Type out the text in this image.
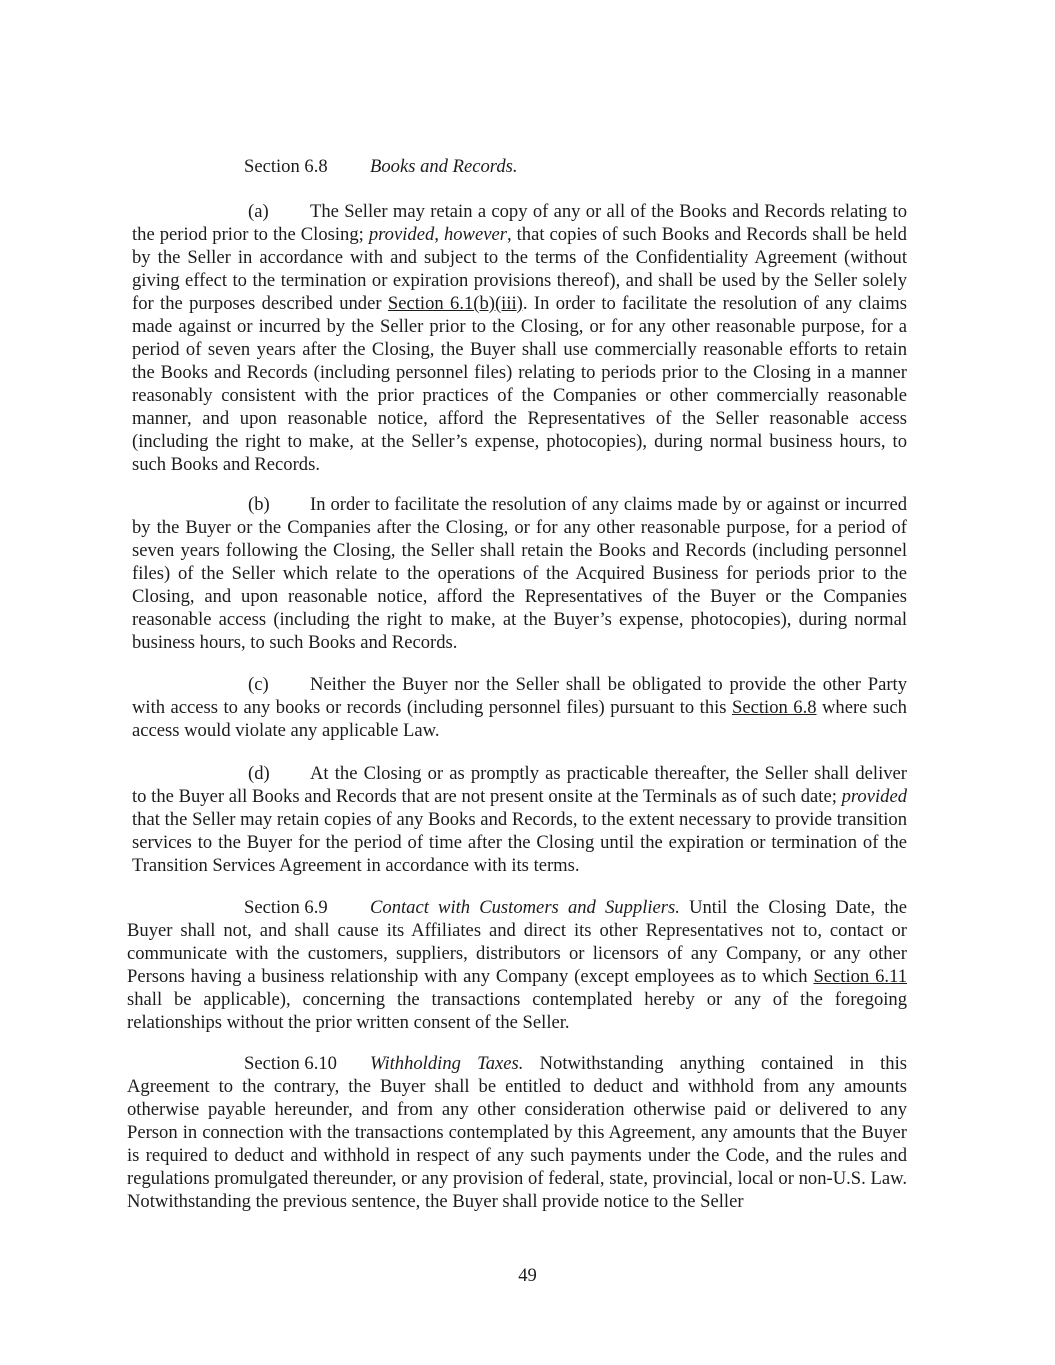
Section 6.8 Books and Records.

(a) The Seller may retain a copy of any or all of the Books and Records relating to the period prior to the Closing; provided, however, that copies of such Books and Records shall be held by the Seller in accordance with and subject to the terms of the Confidentiality Agreement (without giving effect to the termination or expiration provisions thereof), and shall be used by the Seller solely for the purposes described under Section 6.1(b)(iii). In order to facilitate the resolution of any claims made against or incurred by the Seller prior to the Closing, or for any other reasonable purpose, for a period of seven years after the Closing, the Buyer shall use commercially reasonable efforts to retain the Books and Records (including personnel files) relating to periods prior to the Closing in a manner reasonably consistent with the prior practices of the Companies or other commercially reasonable manner, and upon reasonable notice, afford the Representatives of the Seller reasonable access (including the right to make, at the Seller’s expense, photocopies), during normal business hours, to such Books and Records.

(b) In order to facilitate the resolution of any claims made by or against or incurred by the Buyer or the Companies after the Closing, or for any other reasonable purpose, for a period of seven years following the Closing, the Seller shall retain the Books and Records (including personnel files) of the Seller which relate to the operations of the Acquired Business for periods prior to the Closing, and upon reasonable notice, afford the Representatives of the Buyer or the Companies reasonable access (including the right to make, at the Buyer’s expense, photocopies), during normal business hours, to such Books and Records.

(c) Neither the Buyer nor the Seller shall be obligated to provide the other Party with access to any books or records (including personnel files) pursuant to this Section 6.8 where such access would violate any applicable Law.

(d) At the Closing or as promptly as practicable thereafter, the Seller shall deliver to the Buyer all Books and Records that are not present onsite at the Terminals as of such date; provided that the Seller may retain copies of any Books and Records, to the extent necessary to provide transition services to the Buyer for the period of time after the Closing until the expiration or termination of the Transition Services Agreement in accordance with its terms.

Section 6.9 Contact with Customers and Suppliers. Until the Closing Date, the Buyer shall not, and shall cause its Affiliates and direct its other Representatives not to, contact or communicate with the customers, suppliers, distributors or licensors of any Company, or any other Persons having a business relationship with any Company (except employees as to which Section 6.11 shall be applicable), concerning the transactions contemplated hereby or any of the foregoing relationships without the prior written consent of the Seller.

Section 6.10 Withholding Taxes. Notwithstanding anything contained in this Agreement to the contrary, the Buyer shall be entitled to deduct and withhold from any amounts otherwise payable hereunder, and from any other consideration otherwise paid or delivered to any Person in connection with the transactions contemplated by this Agreement, any amounts that the Buyer is required to deduct and withhold in respect of any such payments under the Code, and the rules and regulations promulgated thereunder, or any provision of federal, state, provincial, local or non-U.S. Law. Notwithstanding the previous sentence, the Buyer shall provide notice to the Seller

49
